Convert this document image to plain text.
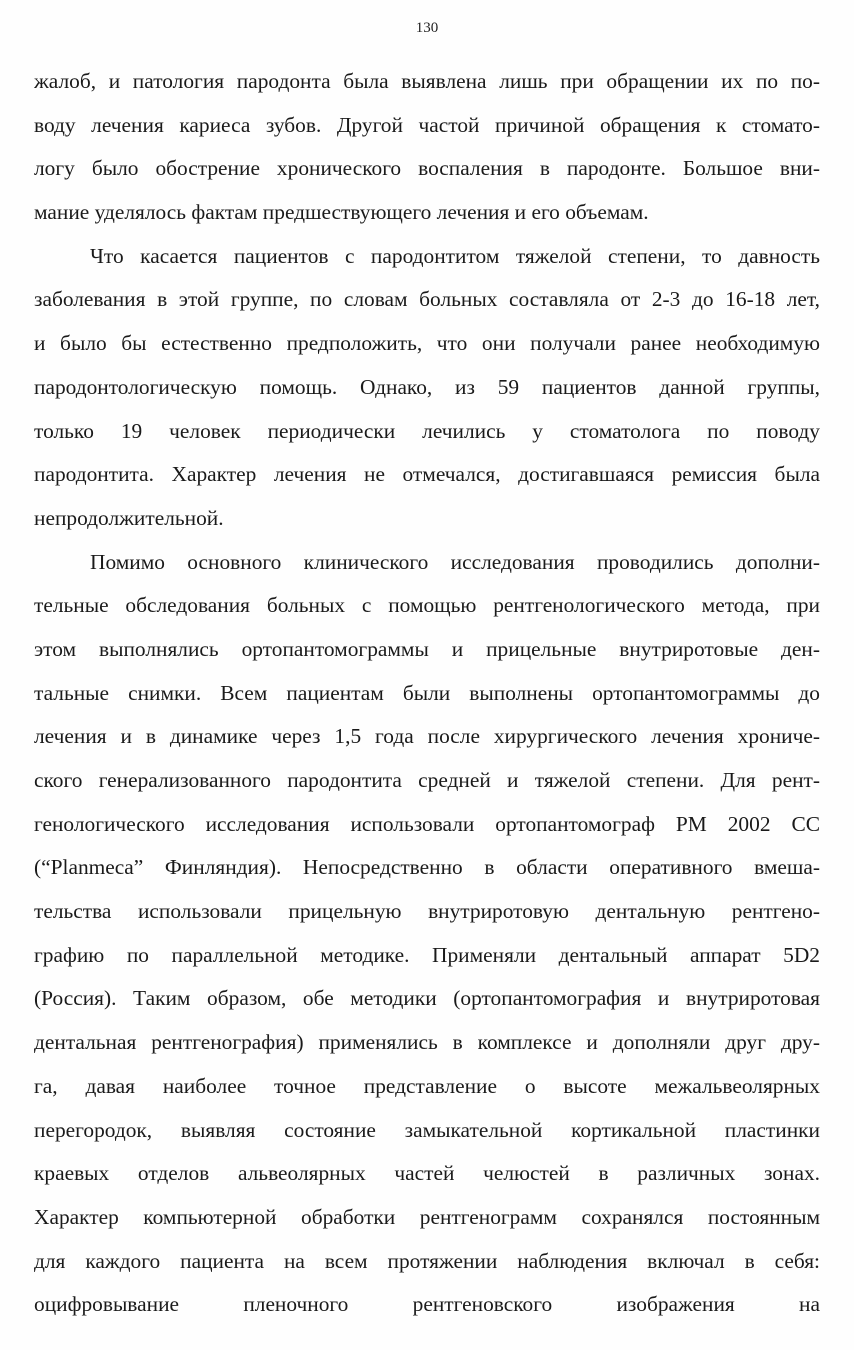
130
жалоб, и патология пародонта была выявлена лишь при обращении их по по-
воду лечения кариеса зубов. Другой частой причиной обращения к стомато-
логу было обострение хронического воспаления в пародонте. Большое вни-
мание уделялось фактам предшествующего лечения и его объемам.
Что касается пациентов с пародонтитом тяжелой степени, то давность
заболевания в этой группе, по словам больных составляла от 2-3 до 16-18 лет,
и было бы естественно предположить, что они получали ранее необходимую
пародонтологическую помощь. Однако, из 59 пациентов данной группы,
только 19 человек периодически лечились у стоматолога по поводу
пародонтита. Характер лечения не отмечался, достигавшаяся ремиссия была
непродолжительной.
Помимо основного клинического исследования проводились дополни-
тельные обследования больных с помощью рентгенологического метода, при
этом выполнялись ортопантомограммы и прицельные внутриротовые ден-
тальные снимки. Всем пациентам были выполнены ортопантомограммы до
лечения и в динамике через 1,5 года после хирургического лечения хрониче-
ского генерализованного пародонтита средней и тяжелой степени. Для рент-
генологического исследования использовали ортопантомограф PM 2002 CC
(“Planmeca” Финляндия). Непосредственно в области оперативного вмеша-
тельства использовали прицельную внутриротовую дентальную рентгено-
графию по параллельной методике. Применяли дентальный аппарат 5D2
(Россия). Таким образом, обе методики (ортопантомография и внутриротовая
дентальная рентгенография) применялись в комплексе и дополняли друг дру-
га, давая наиболее точное представление о высоте межальвеолярных
перегородок, выявляя состояние замыкательной кортикальной пластинки
краевых отделов альвеолярных частей челюстей в различных зонах.
Характер компьютерной обработки рентгенограмм сохранялся постоянным
для каждого пациента на всем протяжении наблюдения включал в себя:
оцифровывание пленочного рентгеновского изображения на
